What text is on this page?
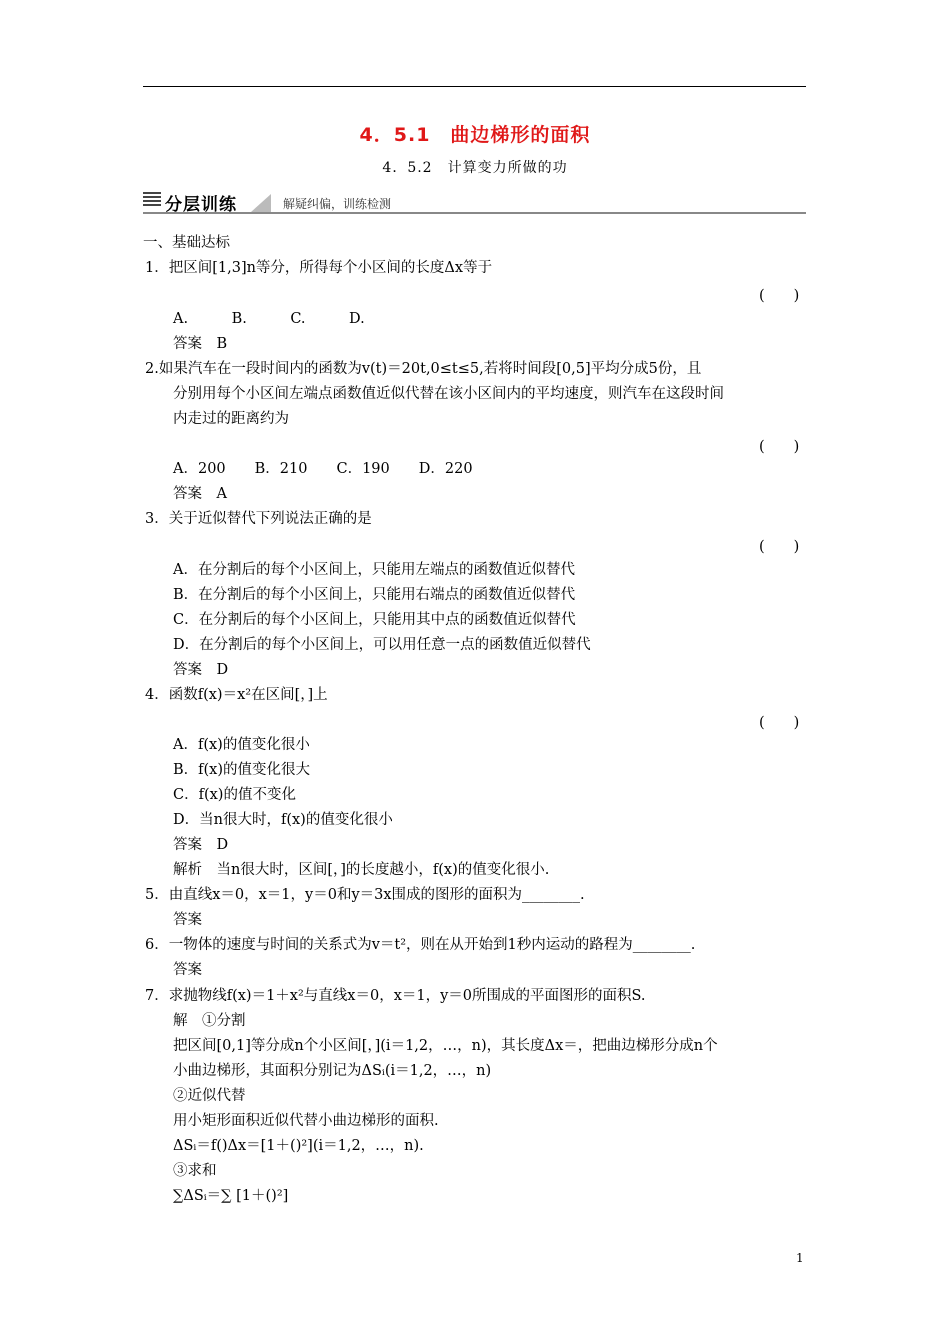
4．5.1　曲边梯形的面积
4．5.2　计算变力所做的功
分层训练	解疑纠偏，训练检测
一、基础达标
1．把区间[1,3]n等分，所得每个小区间的长度Δx等于
(　　)
A.　　　B.　　　C.　　　D.
答案　B
2.如果汽车在一段时间内的函数为v(t)＝20t,0≤t≤5,若将时间段[0,5]平均分成5份，且
分别用每个小区间左端点函数值近似代替在该小区间内的平均速度，则汽车在这段时间
内走过的距离约为
(　　)
A．200　　B．210　　C．190　　D．220
答案　A
3．关于近似替代下列说法正确的是
(　　)
A．在分割后的每个小区间上，只能用左端点的函数值近似替代
B．在分割后的每个小区间上，只能用右端点的函数值近似替代
C．在分割后的每个小区间上，只能用其中点的函数值近似替代
D．在分割后的每个小区间上，可以用任意一点的函数值近似替代
答案　D
4．函数f(x)＝x²在区间[，]上
(　　)
A．f(x)的值变化很小
B．f(x)的值变化很大
C．f(x)的值不变化
D．当n很大时，f(x)的值变化很小
答案　D
解析　当n很大时，区间[，]的长度越小，f(x)的值变化很小.
5．由直线x＝0，x＝1，y＝0和y＝3x围成的图形的面积为________.
答案
6．一物体的速度与时间的关系式为v＝t²，则在从开始到1秒内运动的路程为________.
答案
7．求抛物线f(x)＝1＋x²与直线x＝0，x＝1，y＝0所围成的平面图形的面积S.
解　①分割
把区间[0,1]等分成n个小区间[，](i＝1,2，…，n)，其长度Δx＝，把曲边梯形分成n个
小曲边梯形，其面积分别记为ΔSᵢ(i＝1,2，…，n)
②近似代替
用小矩形面积近似代替小曲边梯形的面积.
ΔSᵢ＝f()Δx＝[1＋()²](i＝1,2，…，n).
③求和
∑ΔSᵢ＝∑ [1＋()²]
1
